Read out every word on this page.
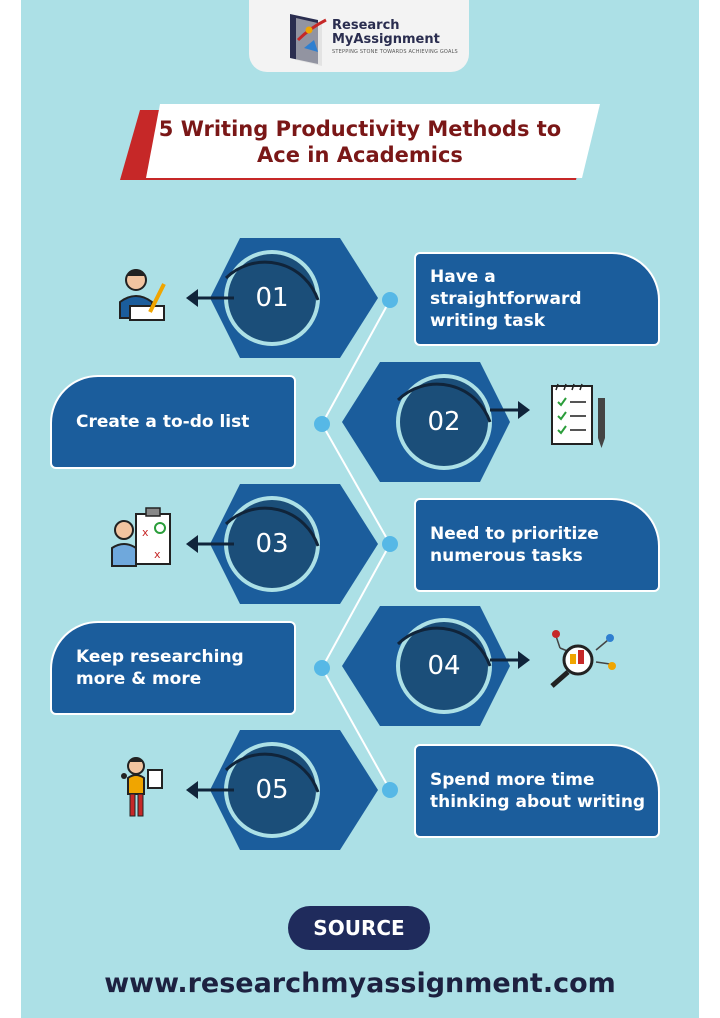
Research
MyAssignment
STEPPING STONE TOWARDS ACHIEVING GOALS
x
x
5 Writing Productivity Methods to
Ace in Academics
01
02
03
04
05
Have a straightforward writing task
Create a to-do list
Need to prioritize numerous tasks
Keep researching more & more
Spend more time thinking about writing
SOURCE
www.researchmyassignment.com
